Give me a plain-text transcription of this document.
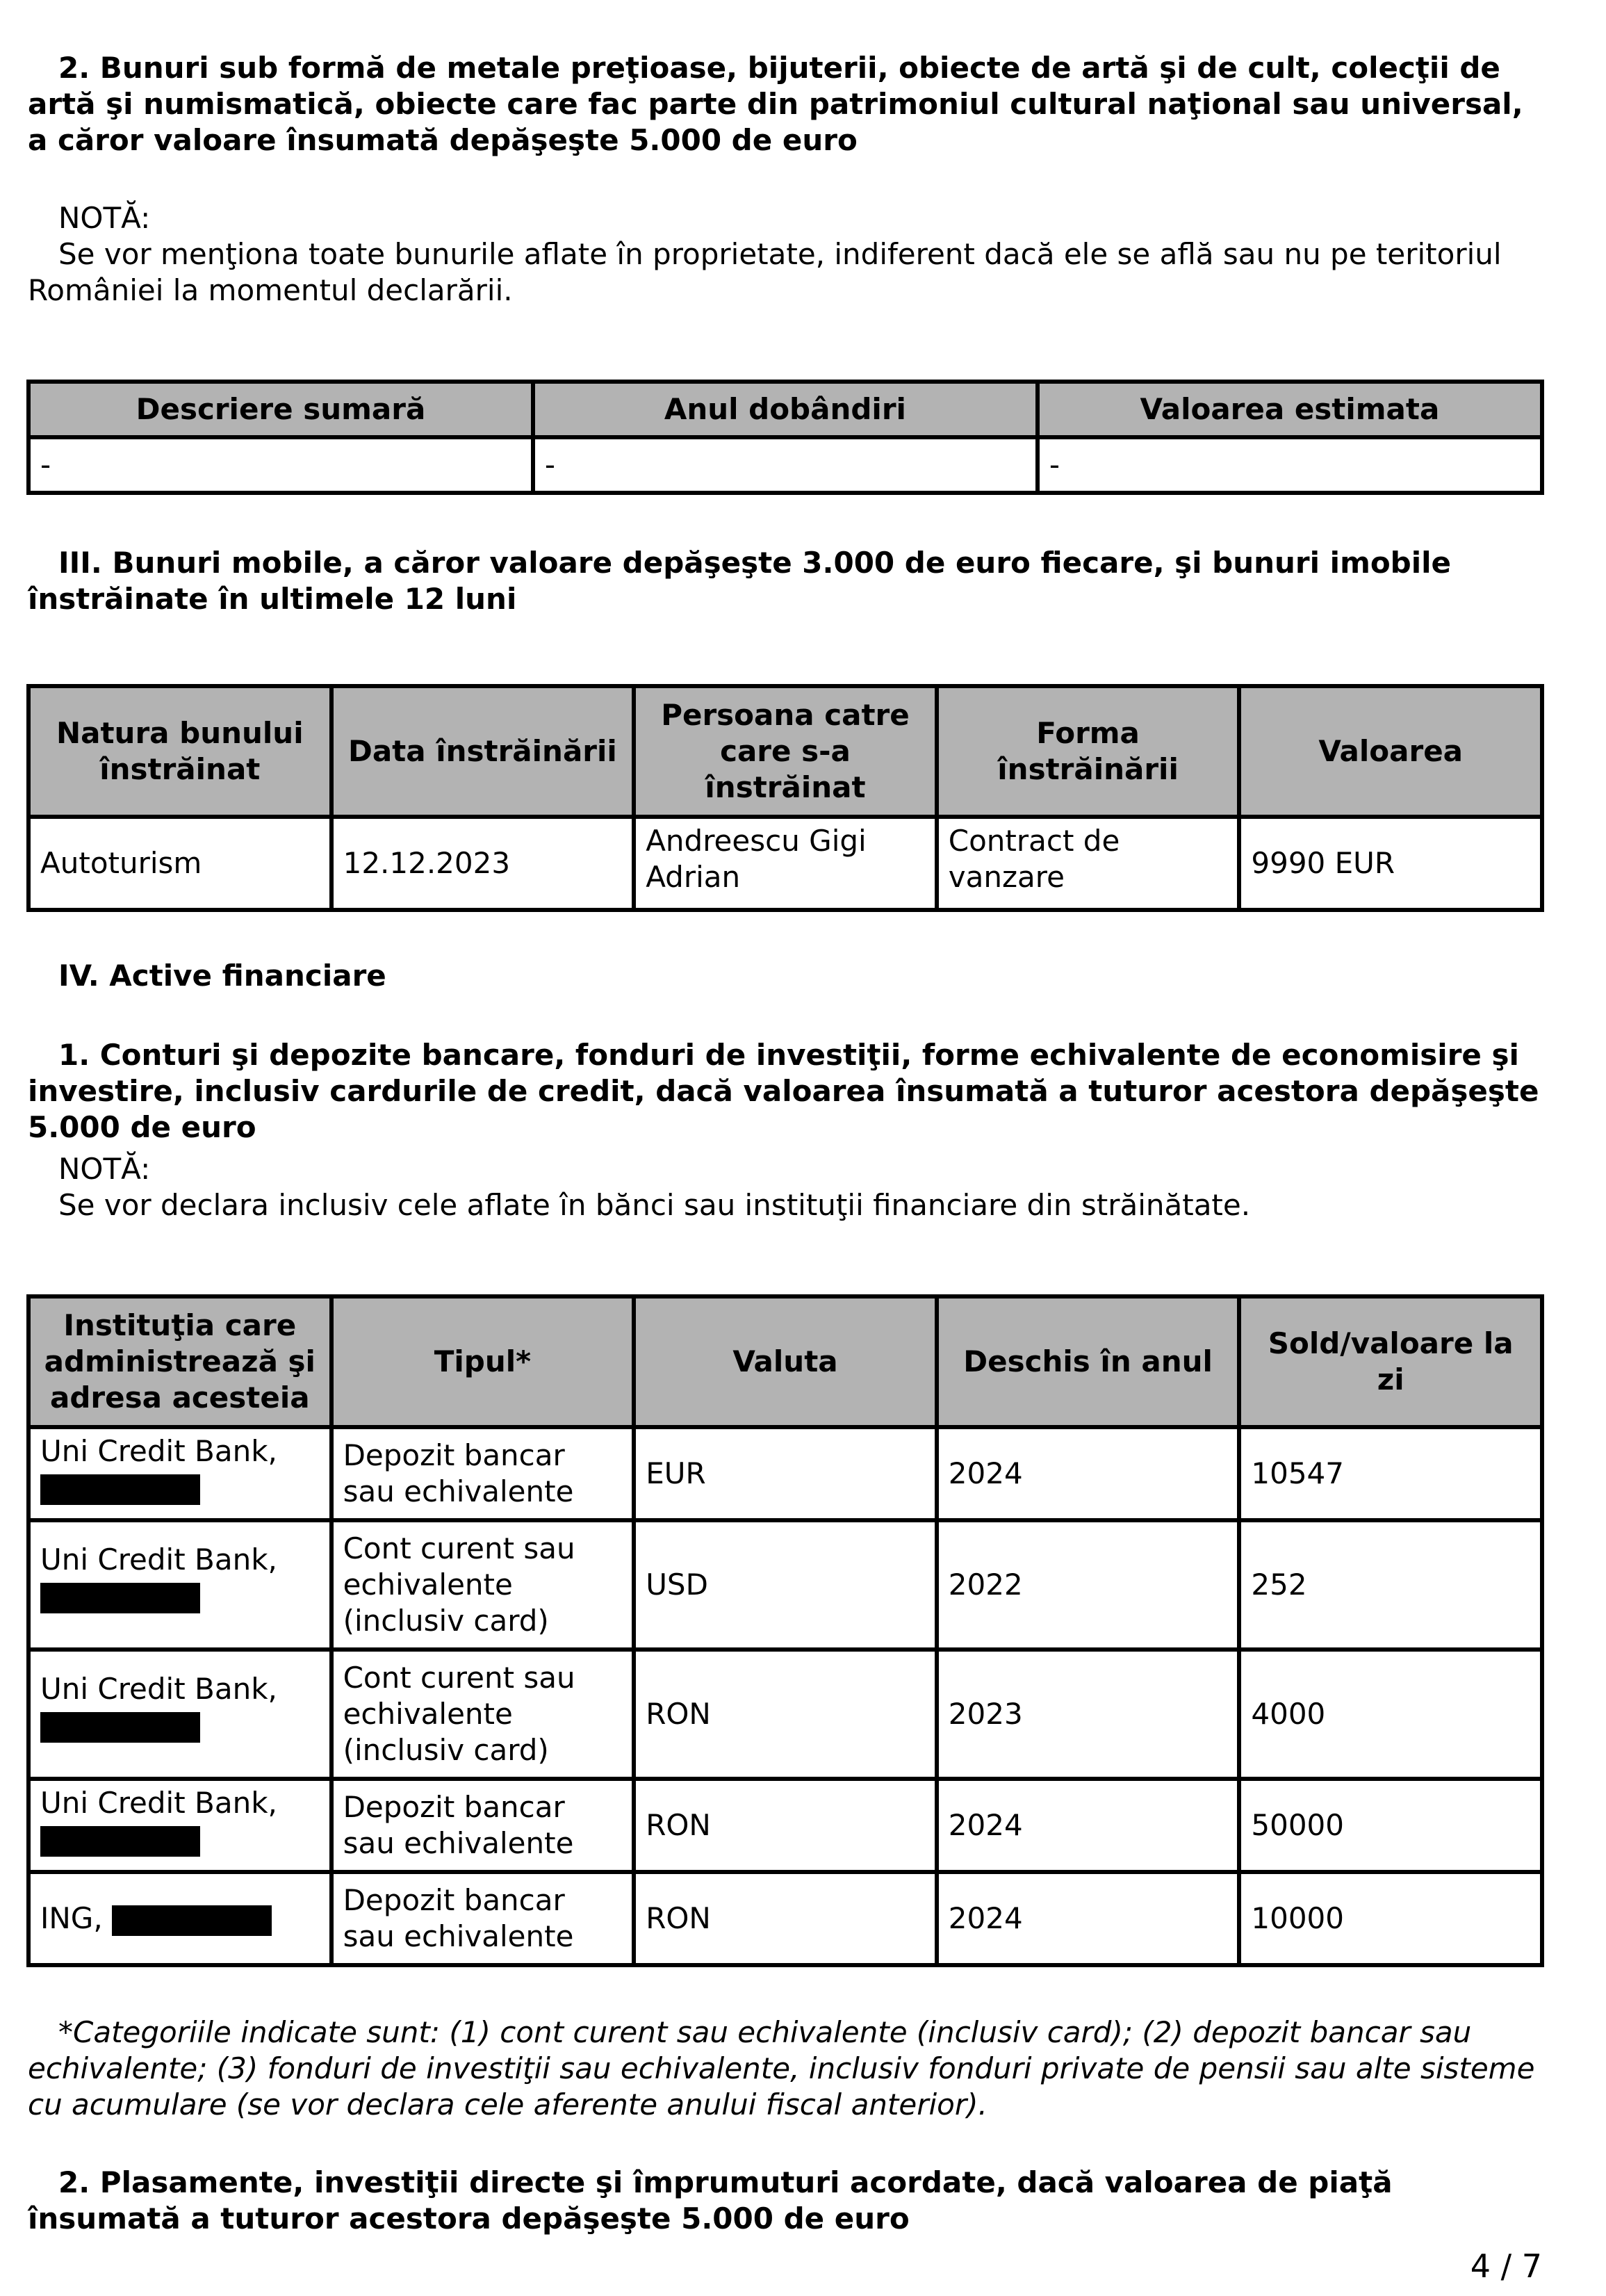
2. Bunuri sub formă de metale preţioase, bijuterii, obiecte de artă şi de cult, colecţii de artă şi numismatică, obiecte care fac parte din patrimoniul cultural naţional sau universal, a căror valoare însumată depăşeşte 5.000 de euro

NOTĂ:
Se vor menţiona toate bunurile aflate în proprietate, indiferent dacă ele se află sau nu pe teritoriul României la momentul declarării.

Descriere sumară	Anul dobândiri	Valoarea estimata
-	-	-

III. Bunuri mobile, a căror valoare depăşeşte 3.000 de euro fiecare, şi bunuri imobile înstrăinate în ultimele 12 luni

Natura bunului înstrăinat	Data înstrăinării	Persoana catre care s-a înstrăinat	Forma înstrăinării	Valoarea
Autoturism	12.12.2023	Andreescu Gigi Adrian	Contract de vanzare	9990 EUR

IV. Active financiare

1. Conturi şi depozite bancare, fonduri de investiţii, forme echivalente de economisire şi investire, inclusiv cardurile de credit, dacă valoarea însumată a tuturor acestora depăşeşte 5.000 de euro

NOTĂ:
Se vor declara inclusiv cele aflate în bănci sau instituţii financiare din străinătate.

Instituţia care administrează şi adresa acesteia	Tipul*	Valuta	Deschis în anul	Sold/valoare la zi
Uni Credit Bank,	Depozit bancar sau echivalente	EUR	2024	10547
Uni Credit Bank,	Cont curent sau echivalente (inclusiv card)	USD	2022	252
Uni Credit Bank,	Cont curent sau echivalente (inclusiv card)	RON	2023	4000
Uni Credit Bank,	Depozit bancar sau echivalente	RON	2024	50000
ING,	Depozit bancar sau echivalente	RON	2024	10000

*Categoriile indicate sunt: (1) cont curent sau echivalente (inclusiv card); (2) depozit bancar sau echivalente; (3) fonduri de investiţii sau echivalente, inclusiv fonduri private de pensii sau alte sisteme cu acumulare (se vor declara cele aferente anului fiscal anterior).

2. Plasamente, investiţii directe şi împrumuturi acordate, dacă valoarea de piaţă însumată a tuturor acestora depăşeşte 5.000 de euro

4 / 7
